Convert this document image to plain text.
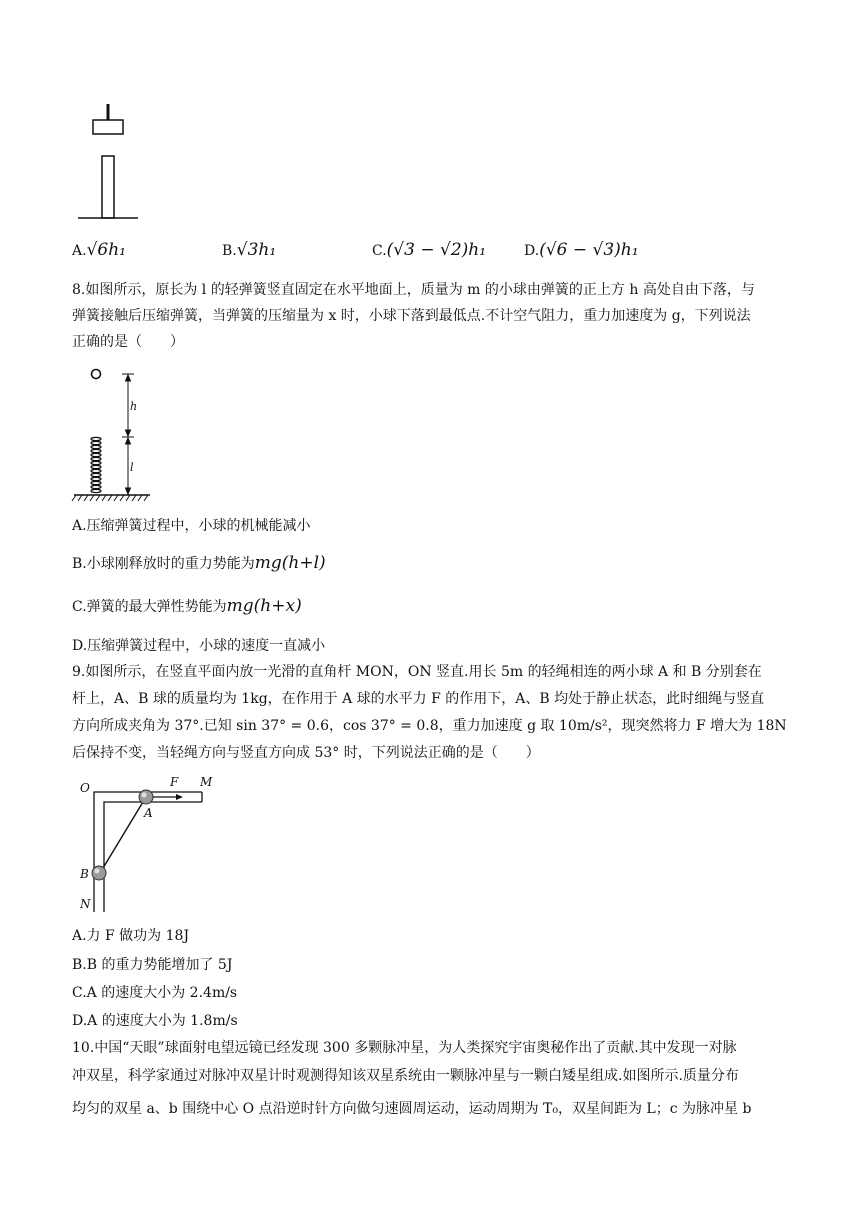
A.√6h₁	B.√3h₁	C.(√3 − √2)h₁	D.(√6 − √3)h₁
8.如图所示，原长为 l 的轻弹簧竖直固定在水平地面上，质量为 m 的小球由弹簧的正上方 h 高处自由下落，与
弹簧接触后压缩弹簧，当弹簧的压缩量为 x 时，小球下落到最低点.不计空气阻力，重力加速度为 g，下列说法
正确的是（　　）
h
l
A.压缩弹簧过程中，小球的机械能减小
B.小球刚释放时的重力势能为mg(h+l)
C.弹簧的最大弹性势能为mg(h+x)
D.压缩弹簧过程中，小球的速度一直减小
9.如图所示，在竖直平面内放一光滑的直角杆 MON，ON 竖直.用长 5m 的轻绳相连的两小球 A 和 B 分别套在
杆上，A、B 球的质量均为 1kg，在作用于 A 球的水平力 F 的作用下，A、B 均处于静止状态，此时细绳与竖直
方向所成夹角为 37°.已知 sin 37° = 0.6，cos 37° = 0.8，重力加速度 g 取 10m/s²，现突然将力 F 增大为 18N
后保持不变，当轻绳方向与竖直方向成 53° 时，下列说法正确的是（　　）
O	F M
A
B
N
A.力 F 做功为 18J
B.B 的重力势能增加了 5J
C.A 的速度大小为 2.4m/s
D.A 的速度大小为 1.8m/s
10.中国“天眼”球面射电望远镜已经发现 300 多颗脉冲星，为人类探究宇宙奥秘作出了贡献.其中发现一对脉
冲双星，科学家通过对脉冲双星计时观测得知该双星系统由一颗脉冲星与一颗白矮星组成.如图所示.质量分布
均匀的双星 a、b 围绕中心 O 点沿逆时针方向做匀速圆周运动，运动周期为 T₀，双星间距为 L；c 为脉冲星 b
